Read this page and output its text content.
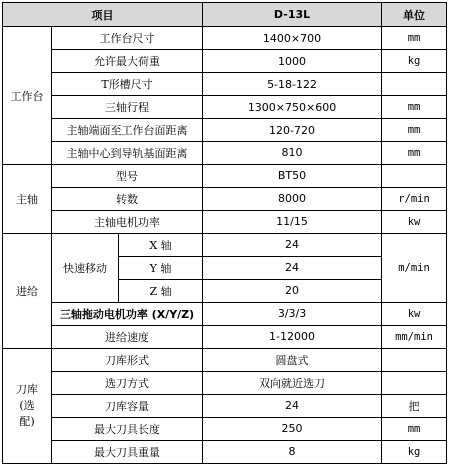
项目			D-13L	单位
工作台	工作台尺寸		1400×700	mm
	允许最大荷重		1000	kg
	T形槽尺寸		5-18-122	
	三轴行程		1300×750×600	mm
	主轴端面至工作台面距离		120-720	mm
	主轴中心到导轨基面距离		810	mm
主轴	型号		BT50	
	转数		8000	r/min
	主轴电机功率		11/15	kw
进给	快速移动	X 轴	24	m/min
		Y 轴	24	
		Z 轴	20	
	三轴拖动电机功率 (X/Y/Z)		3/3/3	kw
	进给速度		1-12000	mm/min

刀库
(选
配)	刀库形式		圆盘式	
	选刀方式		双向就近选刀	
	刀库容量		24	把
	最大刀具长度		250	mm
	最大刀具重量		8	kg
